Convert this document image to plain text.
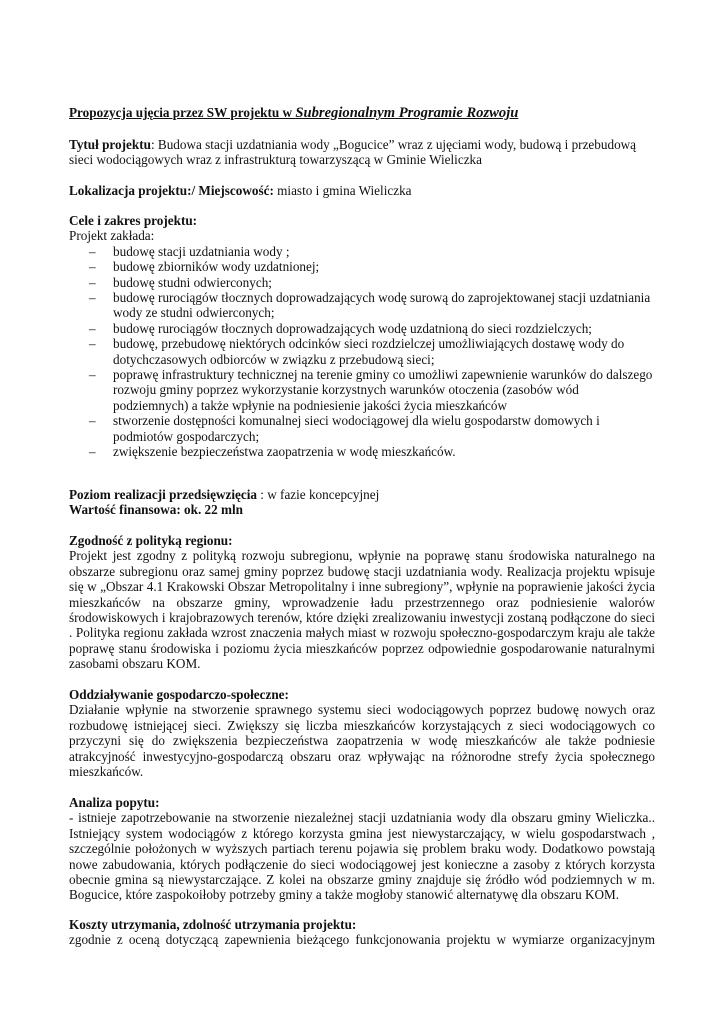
Propozycja ujęcia przez SW projektu w Subregionalnym Programie Rozwoju

Tytuł projektu: Budowa stacji uzdatniania wody „Bogucice” wraz z ujęciami wody, budową i przebudową sieci wodociągowych wraz z infrastrukturą towarzyszącą w Gminie Wieliczka

Lokalizacja projektu:/ Miejscowość: miasto i gmina Wieliczka

Cele i zakres projektu:
Projekt zakłada:
– budowę stacji uzdatniania wody ;
– budowę zbiorników wody uzdatnionej;
– budowę studni odwierconych;
– budowę rurociągów tłocznych doprowadzających wodę surową do zaprojektowanej stacji uzdatniania wody ze studni odwierconych;
– budowę rurociągów tłocznych doprowadzających wodę uzdatnioną do sieci rozdzielczych;
– budowę, przebudowę niektórych odcinków sieci rozdzielczej umożliwiających dostawę wody do dotychczasowych odbiorców w związku z przebudową sieci;
– poprawę infrastruktury technicznej na terenie gminy co umożliwi zapewnienie warunków do dalszego rozwoju gminy poprzez wykorzystanie korzystnych warunków otoczenia (zasobów wód podziemnych) a także wpłynie na podniesienie jakości życia mieszkańców
– stworzenie dostępności komunalnej sieci wodociągowej dla wielu gospodarstw domowych i podmiotów gospodarczych;
– zwiększenie bezpieczeństwa zaopatrzenia w wodę mieszkańców.
Poziom realizacji przedsięwzięcia : w fazie koncepcyjnej
Wartość finansowa: ok. 22 mln
Zgodność z polityką regionu:
Projekt jest zgodny z polityką rozwoju subregionu, wpłynie na poprawę stanu środowiska naturalnego na obszarze subregionu oraz samej gminy poprzez budowę stacji uzdatniania wody. Realizacja projektu wpisuje się w „Obszar 4.1 Krakowski Obszar Metropolitalny i inne subregiony”, wpłynie na poprawienie jakości życia mieszkańców na obszarze gminy, wprowadzenie ładu przestrzennego oraz podniesienie walorów środowiskowych i krajobrazowych terenów, które dzięki zrealizowaniu inwestycji zostaną podłączone do sieci . Polityka regionu zakłada wzrost znaczenia małych miast w rozwoju społeczno-gospodarczym kraju ale także poprawę stanu środowiska i poziomu życia mieszkańców poprzez odpowiednie gospodarowanie naturalnymi zasobami obszaru KOM.
Oddziaływanie gospodarczo-społeczne:
Działanie wpłynie na stworzenie sprawnego systemu sieci wodociągowych poprzez budowę nowych oraz rozbudowę istniejącej sieci. Zwiększy się liczba mieszkańców korzystających z sieci wodociągowych co przyczyni się do zwiększenia bezpieczeństwa zaopatrzenia w wodę mieszkańców ale także podniesie atrakcyjność inwestycyjno-gospodarczą obszaru oraz wpływając na różnorodne strefy życia społecznego mieszkańców.
Analiza popytu:
- istnieje zapotrzebowanie na stworzenie niezależnej stacji uzdatniania wody dla obszaru gminy Wieliczka.. Istniejący system wodociągów z którego korzysta gmina jest niewystarczający, w wielu gospodarstwach , szczególnie położonych w wyższych partiach terenu pojawia się problem braku wody. Dodatkowo powstają nowe zabudowania, których podłączenie do sieci wodociągowej jest konieczne a zasoby z których korzysta obecnie gmina są niewystarczające. Z kolei na obszarze gminy znajduje się źródło wód podziemnych w m. Bogucice, które zaspokoiłoby potrzeby gminy a także mogłoby stanowić alternatywę dla obszaru KOM.
Koszty utrzymania, zdolność utrzymania projektu:
zgodnie z oceną dotyczącą zapewnienia bieżącego funkcjonowania projektu w wymiarze organizacyjnym
